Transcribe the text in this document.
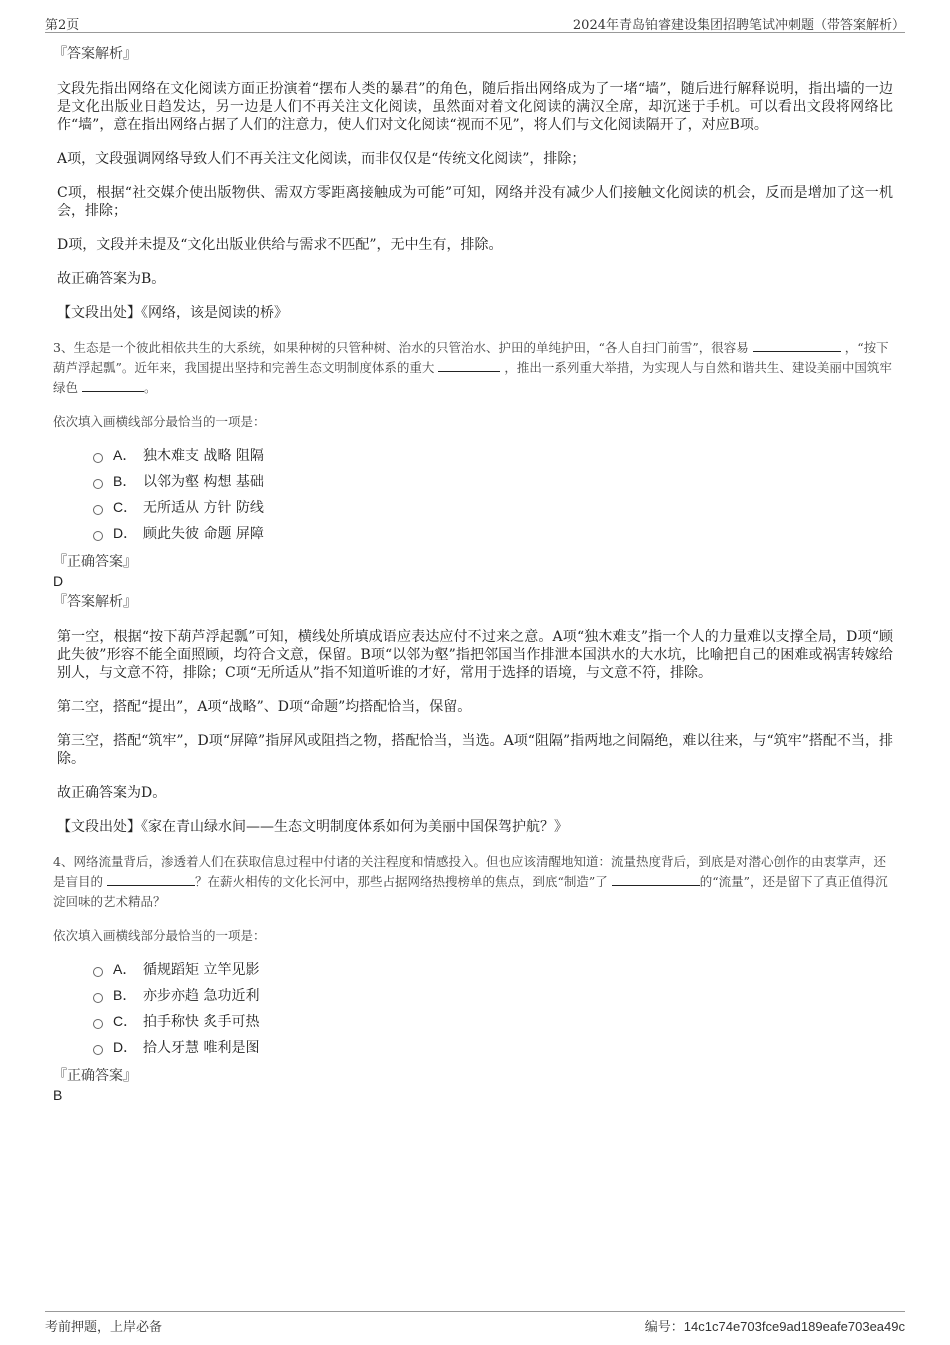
第2页	2024年青岛铂睿建设集团招聘笔试冲刺题（带答案解析）
『答案解析』
文段先指出网络在文化阅读方面正扮演着“摆布人类的暴君”的角色，随后指出网络成为了一堵“墙”，随后进行解释说明，指出墙的一边是文化出版业日趋发达，另一边是人们不再关注文化阅读，虽然面对着文化阅读的满汉全席，却沉迷于手机。可以看出文段将网络比作“墙”，意在指出网络占据了人们的注意力，使人们对文化阅读“视而不见”，将人们与文化阅读隔开了，对应B项。
A项，文段强调网络导致人们不再关注文化阅读，而非仅仅是“传统文化阅读”，排除；
C项，根据“社交媒介使出版物供、需双方零距离接触成为可能”可知，网络并没有减少人们接触文化阅读的机会，反而是增加了这一机会，排除；
D项，文段并未提及“文化出版业供给与需求不匹配”，无中生有，排除。
故正确答案为B。
【文段出处】《网络，该是阅读的桥》
3、生态是一个彼此相依共生的大系统，如果种树的只管种树、治水的只管治水、护田的单纯护田，“各人自扫门前雪”，很容易	，“按下葫芦浮起瓢”。近年来，我国提出坚持和完善生态文明制度体系的重大	，推出一系列重大举措，为实现人与自然和谐共生、建设美丽中国筑牢绿色	。
依次填入画横线部分最恰当的一项是：
A． 独木难支 战略 阻隔
B． 以邻为壑 构想 基础
C． 无所适从 方针 防线
D． 顾此失彼 命题 屏障
『正确答案』
D
『答案解析』
第一空，根据“按下葫芦浮起瓢”可知，横线处所填成语应表达应付不过来之意。A项“独木难支”指一个人的力量难以支撑全局，D项“顾此失彼”形容不能全面照顾，均符合文意，保留。B项“以邻为壑”指把邻国当作排泄本国洪水的大水坑，比喻把自己的困难或祸害转嫁给别人，与文意不符，排除；C项“无所适从”指不知道听谁的才好，常用于选择的语境，与文意不符，排除。
第二空，搭配“提出”，A项“战略”、D项“命题”均搭配恰当，保留。
第三空，搭配“筑牢”，D项“屏障”指屏风或阻挡之物，搭配恰当，当选。A项“阻隔”指两地之间隔绝，难以往来，与“筑牢”搭配不当，排除。
故正确答案为D。
【文段出处】《家在青山绿水间——生态文明制度体系如何为美丽中国保驾护航？》
4、网络流量背后，渗透着人们在获取信息过程中付诸的关注程度和情感投入。但也应该清醒地知道：流量热度背后，到底是对潜心创作的由衷掌声，还是盲目的	？在薪火相传的文化长河中，那些占据网络热搜榜单的焦点，到底“制造”了	的“流量”，还是留下了真正值得沉淀回味的艺术精品？
依次填入画横线部分最恰当的一项是：
A． 循规蹈矩 立竿见影
B． 亦步亦趋 急功近利
C． 拍手称快 炙手可热
D． 拾人牙慧 唯利是图
『正确答案』
B
考前押题，上岸必备	编号：14c1c74e703fce9ad189eafe703ea49c
